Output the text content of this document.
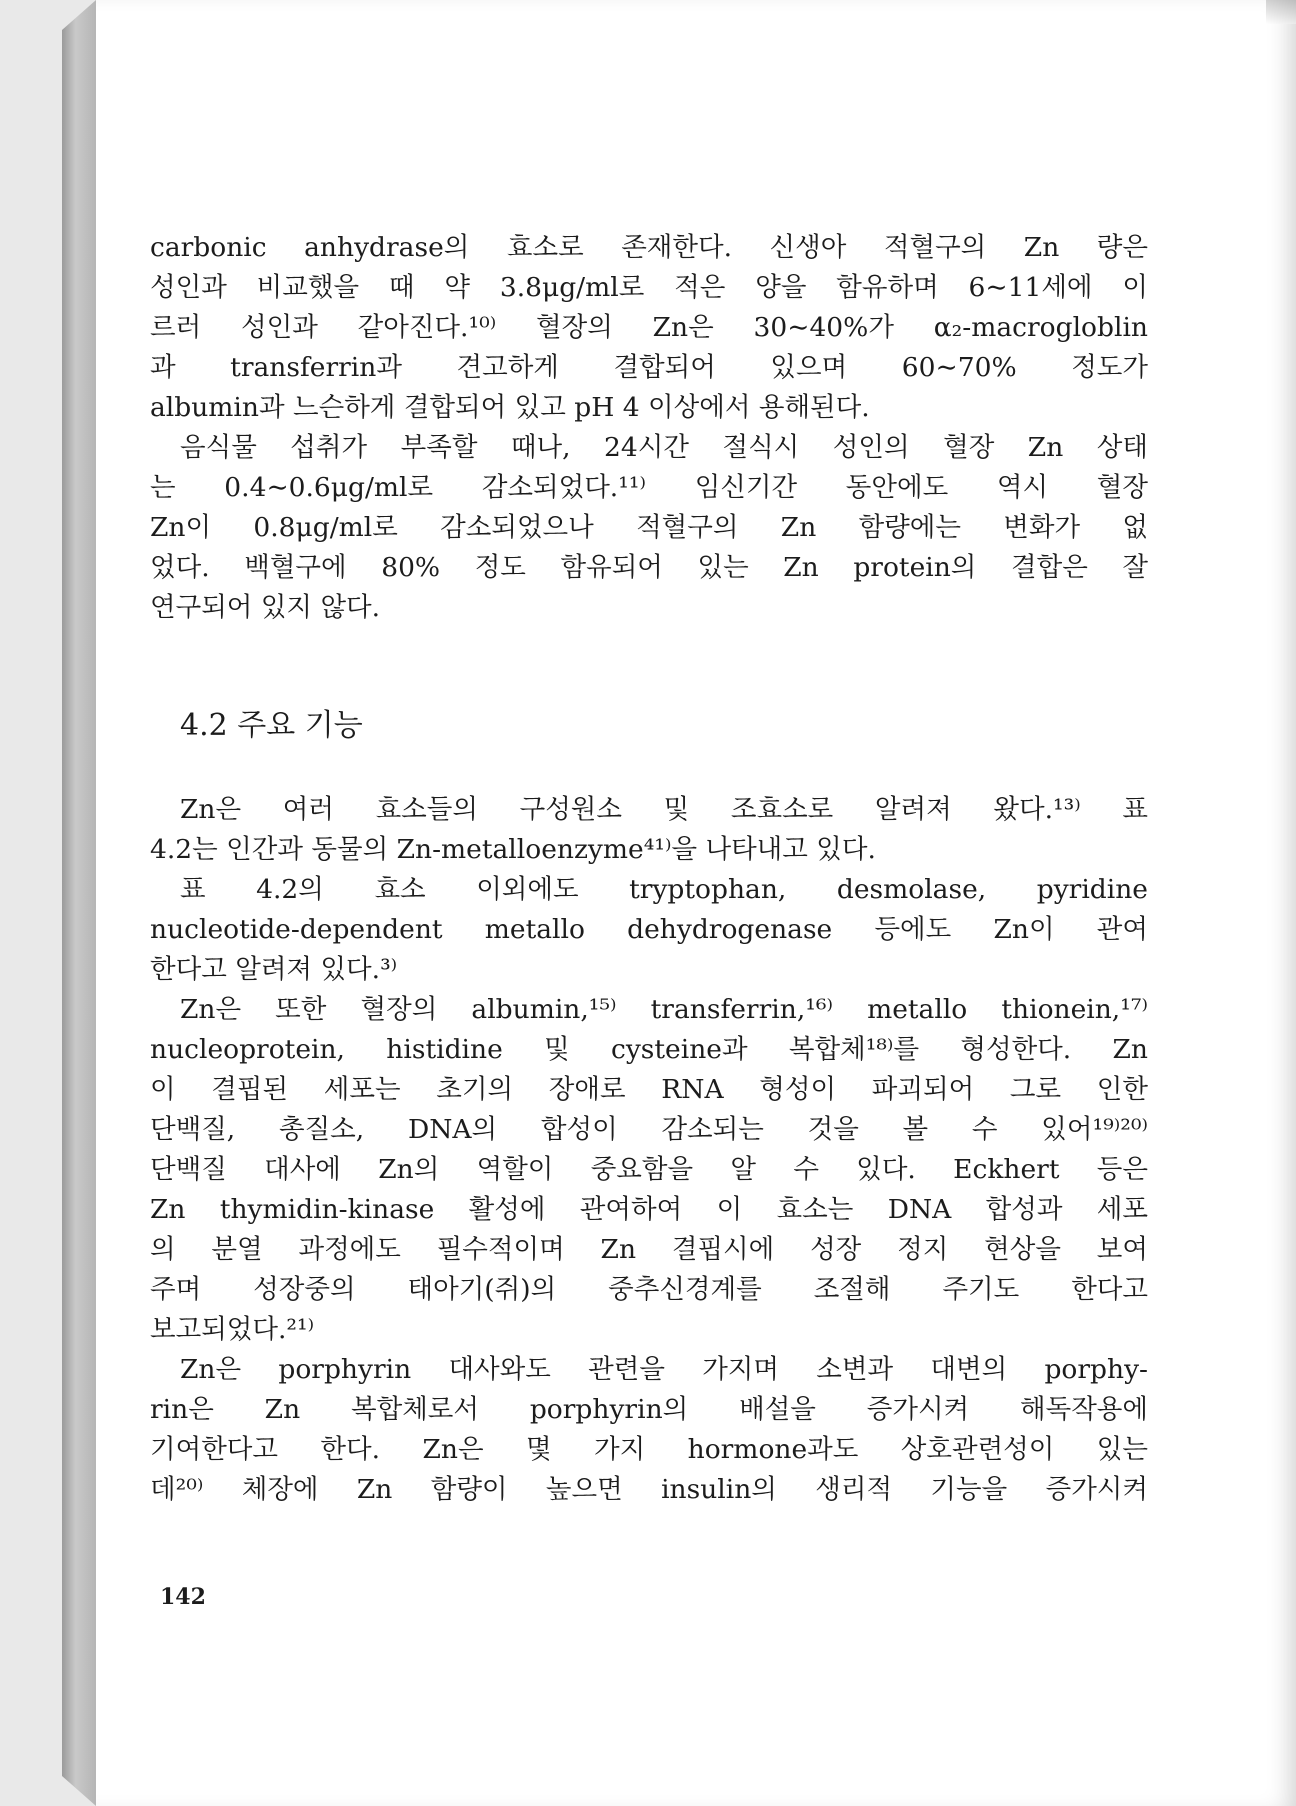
carbonic anhydrase의 효소로 존재한다. 신생아 적혈구의 Zn 량은
성인과 비교했을 때 약 3.8μg/ml로 적은 양을 함유하며 6∼11세에 이
르러 성인과 같아진다.¹⁰⁾ 혈장의 Zn은 30∼40%가 α₂-macrogloblin
과 transferrin과 견고하게 결합되어 있으며 60∼70% 정도가
albumin과 느슨하게 결합되어 있고 pH 4 이상에서 용해된다.
음식물 섭취가 부족할 때나, 24시간 절식시 성인의 혈장 Zn 상태
는 0.4∼0.6μg/ml로 감소되었다.¹¹⁾ 임신기간 동안에도 역시 혈장
Zn이 0.8μg/ml로 감소되었으나 적혈구의 Zn 함량에는 변화가 없
었다. 백혈구에 80% 정도 함유되어 있는 Zn protein의 결합은 잘
연구되어 있지 않다.
4.2 주요 기능
Zn은 여러 효소들의 구성원소 및 조효소로 알려져 왔다.¹³⁾ 표
4.2는 인간과 동물의 Zn-metalloenzyme⁴¹⁾을 나타내고 있다.
표 4.2의 효소 이외에도 tryptophan, desmolase, pyridine
nucleotide-dependent metallo dehydrogenase 등에도 Zn이 관여
한다고 알려져 있다.³⁾
Zn은 또한 혈장의 albumin,¹⁵⁾ transferrin,¹⁶⁾ metallo thionein,¹⁷⁾
nucleoprotein, histidine 및 cysteine과 복합체¹⁸⁾를 형성한다. Zn
이 결핍된 세포는 초기의 장애로 RNA 형성이 파괴되어 그로 인한
단백질, 총질소, DNA의 합성이 감소되는 것을 볼 수 있어¹⁹⁾²⁰⁾
단백질 대사에 Zn의 역할이 중요함을 알 수 있다. Eckhert 등은
Zn thymidin-kinase 활성에 관여하여 이 효소는 DNA 합성과 세포
의 분열 과정에도 필수적이며 Zn 결핍시에 성장 정지 현상을 보여
주며 성장중의 태아기(쥐)의 중추신경계를 조절해 주기도 한다고
보고되었다.²¹⁾
Zn은 porphyrin 대사와도 관련을 가지며 소변과 대변의 porphy-
rin은 Zn 복합체로서 porphyrin의 배설을 증가시켜 해독작용에
기여한다고 한다. Zn은 몇 가지 hormone과도 상호관련성이 있는
데²⁰⁾ 체장에 Zn 함량이 높으면 insulin의 생리적 기능을 증가시켜
142
